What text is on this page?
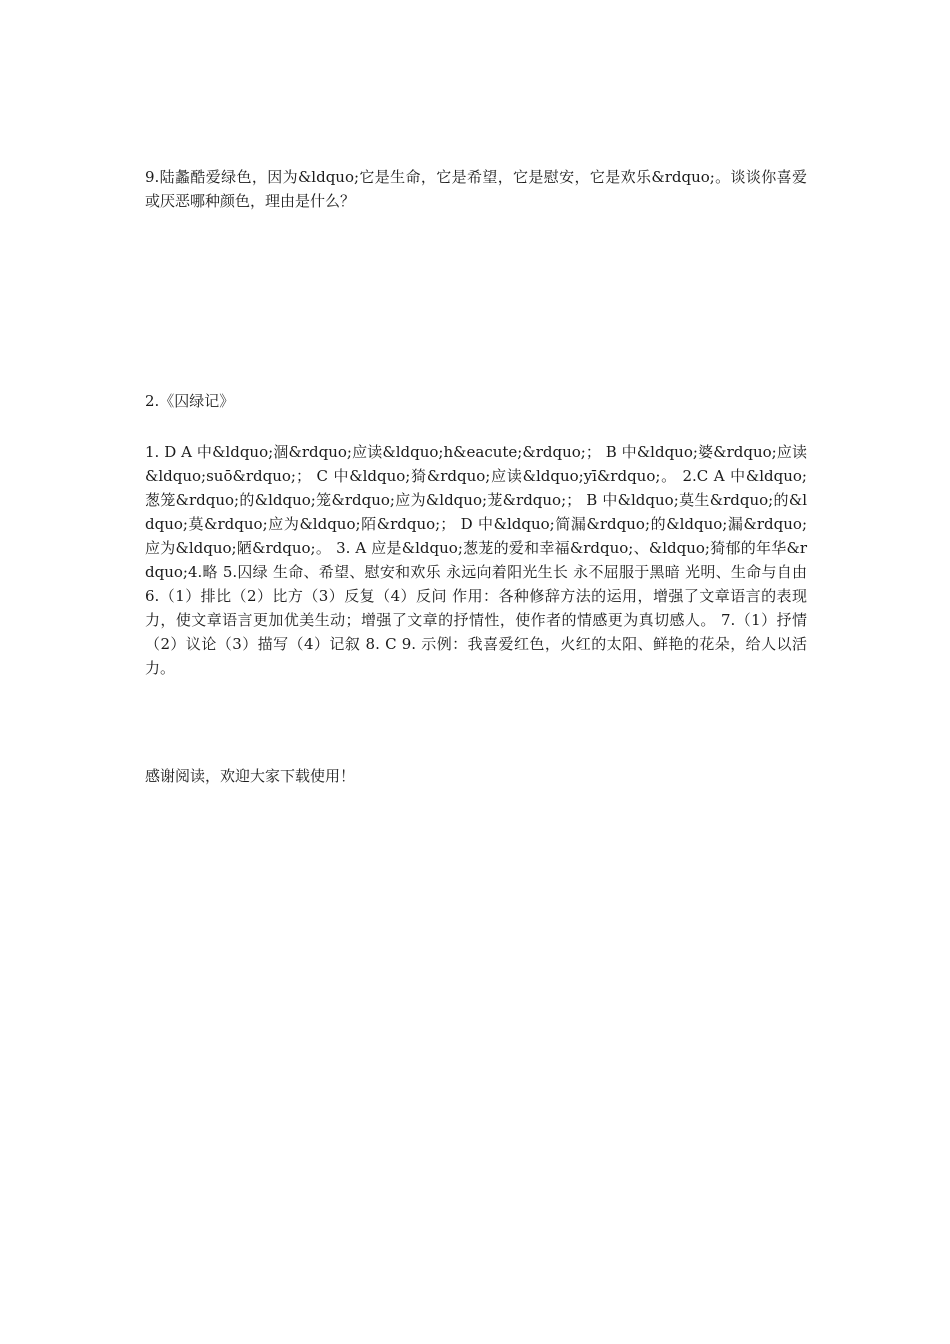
9.陆蠡酷爱绿色，因为&ldquo;它是生命，它是希望，它是慰安，它是欢乐&rdquo;。谈谈你喜爱或厌恶哪种颜色，理由是什么？

2.《囚绿记》

1. D A 中&ldquo;涸&rdquo;应读&ldquo;h&eacute;&rdquo;； B 中&ldquo;婆&rdquo;应读&ldquo;suō&rdquo;； C 中&ldquo;猗&rdquo;应读&ldquo;yī&rdquo;。 2.C A 中&ldquo;葱笼&rdquo;的&ldquo;笼&rdquo;应为&ldquo;茏&rdquo;； B 中&ldquo;莫生&rdquo;的&ldquo;莫&rdquo;应为&ldquo;陌&rdquo;； D 中&ldquo;简漏&rdquo;的&ldquo;漏&rdquo;应为&ldquo;陋&rdquo;。 3. A 应是&ldquo;葱茏的爱和幸福&rdquo;、&ldquo;猗郁的年华&rdquo;4.略 5.囚绿 生命、希望、慰安和欢乐 永远向着阳光生长 永不屈服于黑暗 光明、生命与自由 6.（1）排比（2）比方（3）反复（4）反问 作用：各种修辞方法的运用，增强了文章语言的表现力，使文章语言更加优美生动；增强了文章的抒情性，使作者的情感更为真切感人。 7.（1）抒情（2）议论（3）描写（4）记叙 8. C 9. 示例：我喜爱红色，火红的太阳、鲜艳的花朵，给人以活力。

感谢阅读，欢迎大家下载使用！
